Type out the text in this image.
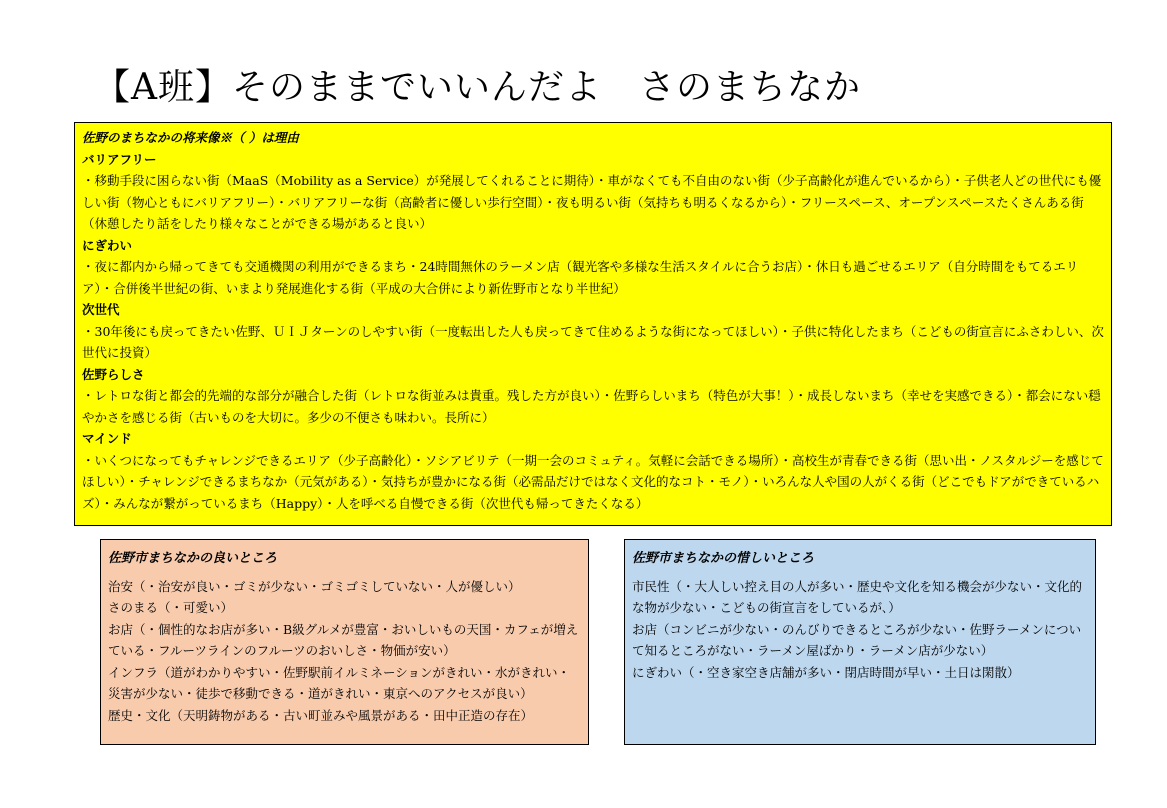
【A班】そのままでいいんだよ　さのまちなか

佐野のまちなかの将来像※（ ）は理由

バリアフリー

・移動手段に困らない街（MaaS（Mobility as a Service）が発展してくれることに期待）・車がなくても不自由のない街（少子高齢化が進んでいるから）・子供老人どの世代にも優しい街（物心ともにバリアフリー）・バリアフリーな街（高齢者に優しい歩行空間）・夜も明るい街（気持ちも明るくなるから）・フリースペース、オープンスペースたくさんある街（休憩したり話をしたり様々なことができる場があると良い）

にぎわい

・夜に都内から帰ってきても交通機関の利用ができるまち・24時間無休のラーメン店（観光客や多様な生活スタイルに合うお店）・休日も過ごせるエリア（自分時間をもてるエリア）・合併後半世紀の街、いまより発展進化する街（平成の大合併により新佐野市となり半世紀）

次世代

・30年後にも戻ってきたい佐野、ＵＩＪターンのしやすい街（一度転出した人も戻ってきて住めるような街になってほしい）・子供に特化したまち（こどもの街宣言にふさわしい、次世代に投資）

佐野らしさ

・レトロな街と都会的先端的な部分が融合した街（レトロな街並みは貴重。残した方が良い）・佐野らしいまち（特色が大事！）・成長しないまち（幸せを実感できる）・都会にない穏やかさを感じる街（古いものを大切に。多少の不便さも味わい。長所に）

マインド

・いくつになってもチャレンジできるエリア（少子高齢化）・ソシアビリテ（一期一会のコミュティ。気軽に会話できる場所）・高校生が青春できる街（思い出・ノスタルジーを感じてほしい）・チャレンジできるまちなか（元気がある）・気持ちが豊かになる街（必需品だけではなく文化的なコト・モノ）・いろんな人や国の人がくる街（どこでもドアができているハズ）・みんなが繋がっているまち（Happy）・人を呼べる自慢できる街（次世代も帰ってきたくなる）

佐野市まちなかの良いところ

治安（・治安が良い・ゴミが少ない・ゴミゴミしていない・人が優しい）

さのまる（・可愛い）

お店（・個性的なお店が多い・B級グルメが豊富・おいしいもの天国・カフェが増えている・フルーツラインのフルーツのおいしさ・物価が安い）

インフラ（道がわかりやすい・佐野駅前イルミネーションがきれい・水がきれい・災害が少ない・徒歩で移動できる・道がきれい・東京へのアクセスが良い）

歴史・文化（天明鋳物がある・古い町並みや風景がある・田中正造の存在）

佐野市まちなかの惜しいところ

市民性（・大人しい控え目の人が多い・歴史や文化を知る機会が少ない・文化的な物が少ない・こどもの街宣言をしているが､）

お店（コンビニが少ない・のんびりできるところが少ない・佐野ラーメンについて知るところがない・ラーメン屋ばかり・ラーメン店が少ない）

にぎわい（・空き家空き店舗が多い・閉店時間が早い・土日は閑散）
